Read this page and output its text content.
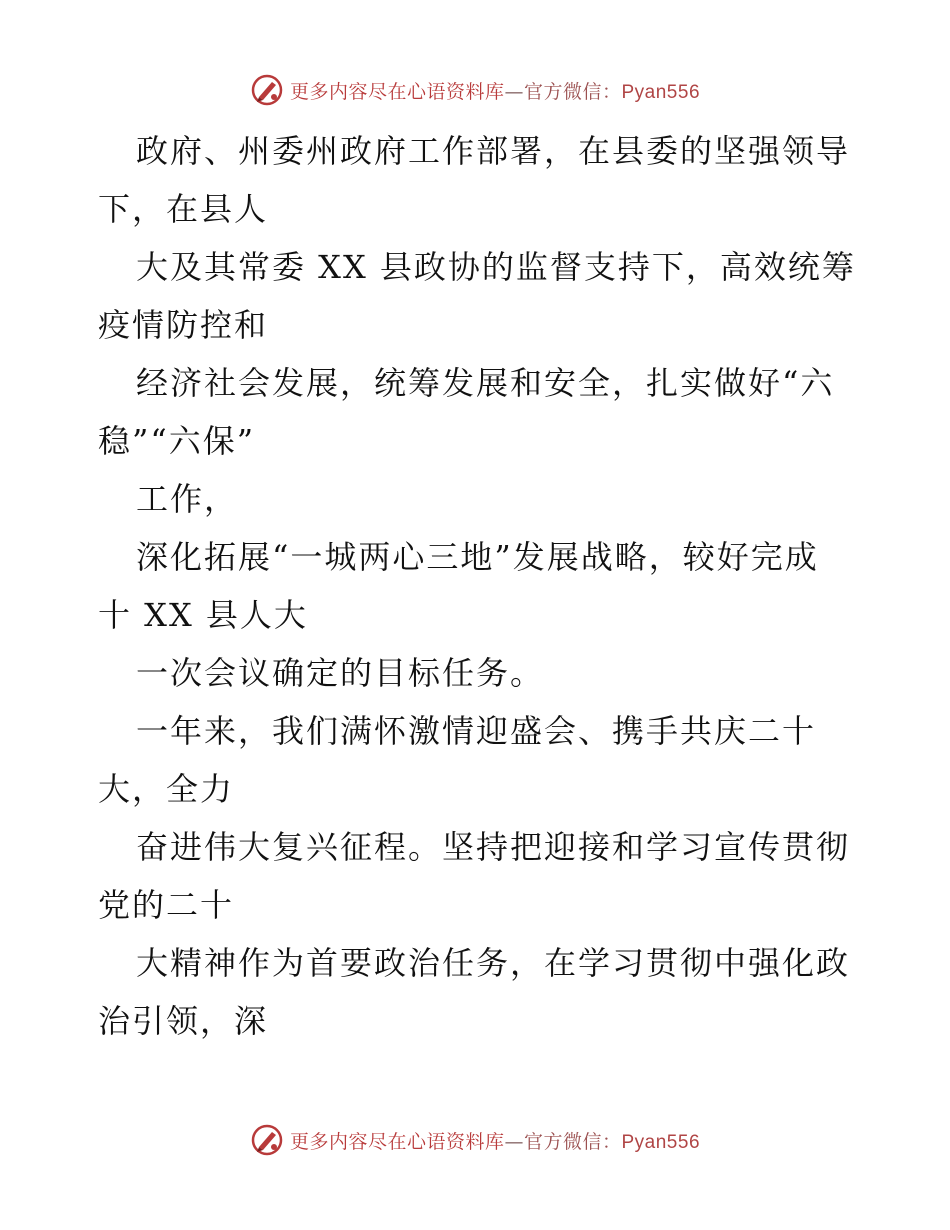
更多内容尽在心语资料库—官方微信：Pyan556
政府、州委州政府工作部署，在县委的坚强领导
下，在县人
大及其常委 XX 县政协的监督支持下，高效统筹
疫情防控和
经济社会发展，统筹发展和安全，扎实做好“六
稳”“六保”
工作，
深化拓展“一城两心三地”发展战略，较好完成
十 XX 县人大
一次会议确定的目标任务。
一年来，我们满怀激情迎盛会、携手共庆二十
大，全力
奋进伟大复兴征程。坚持把迎接和学习宣传贯彻
党的二十
大精神作为首要政治任务，在学习贯彻中强化政
治引领，深
更多内容尽在心语资料库—官方微信：Pyan556
